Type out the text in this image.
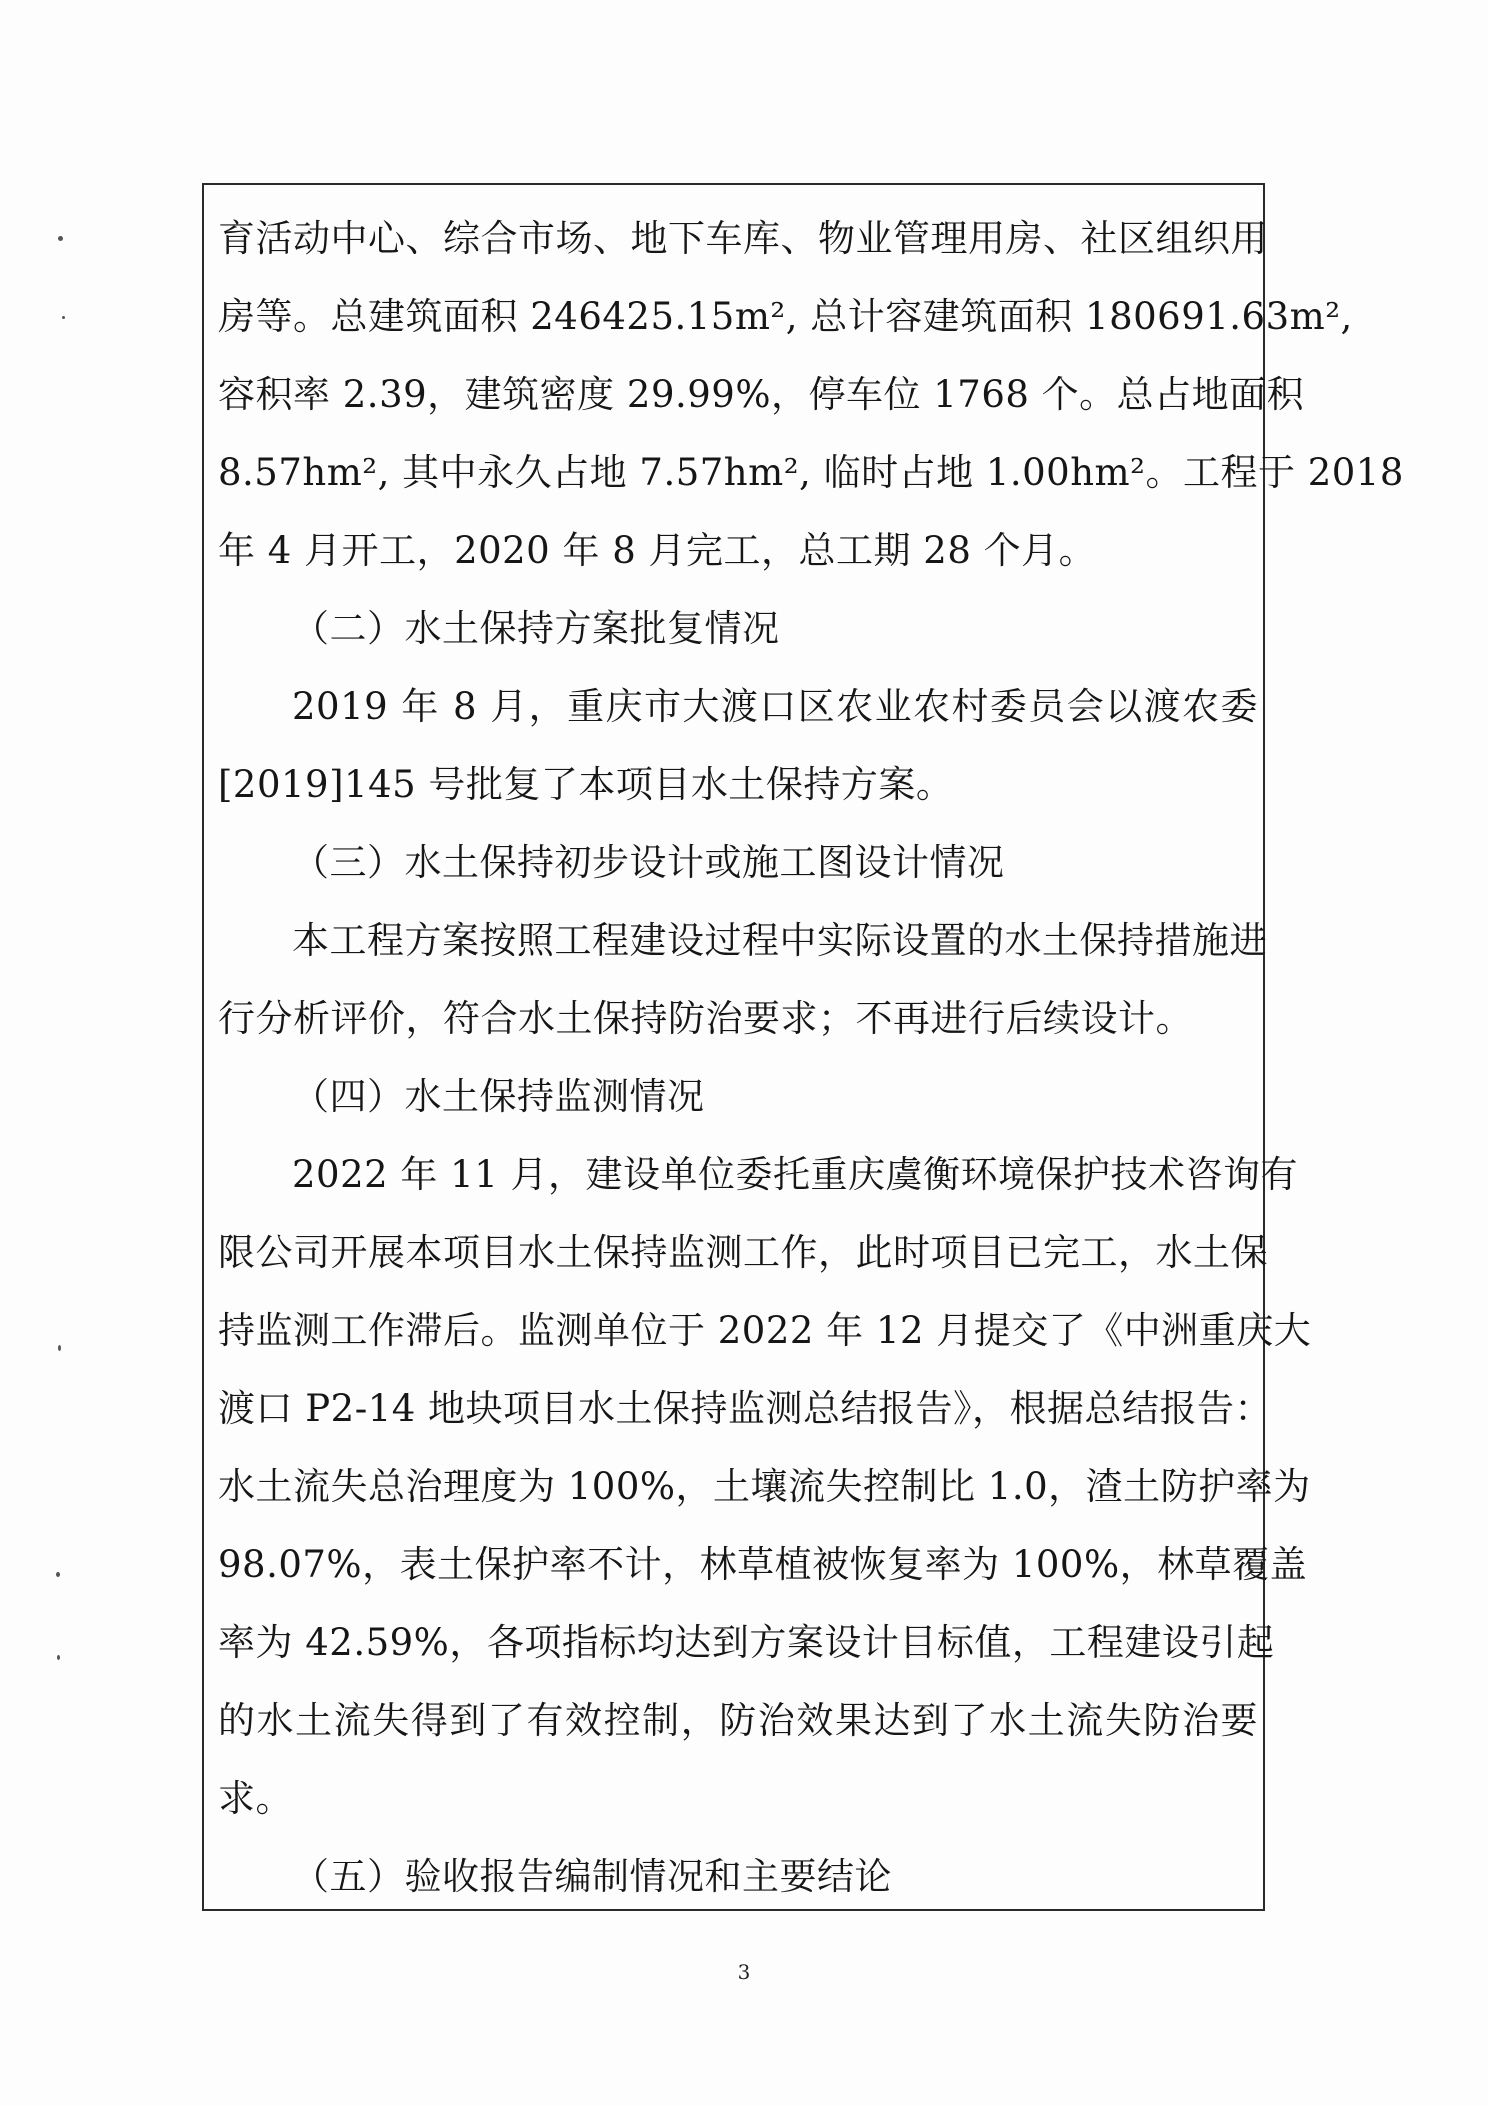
育活动中心、综合市场、地下车库、物业管理用房、社区组织用
房等。总建筑面积 246425.15m², 总计容建筑面积 180691.63m²,
容积率 2.39，建筑密度 29.99%，停车位 1768 个。总占地面积
8.57hm², 其中永久占地 7.57hm², 临时占地 1.00hm²。工程于 2018
年 4 月开工，2020 年 8 月完工，总工期 28 个月。
（二）水土保持方案批复情况
2019 年 8 月，重庆市大渡口区农业农村委员会以渡农委
[2019]145 号批复了本项目水土保持方案。
（三）水土保持初步设计或施工图设计情况
本工程方案按照工程建设过程中实际设置的水土保持措施进
行分析评价，符合水土保持防治要求；不再进行后续设计。
（四）水土保持监测情况
2022 年 11 月，建设单位委托重庆虞衡环境保护技术咨询有
限公司开展本项目水土保持监测工作，此时项目已完工，水土保
持监测工作滞后。监测单位于 2022 年 12 月提交了《中洲重庆大
渡口 P2-14 地块项目水土保持监测总结报告》，根据总结报告：
水土流失总治理度为 100%，土壤流失控制比 1.0，渣土防护率为
98.07%，表土保护率不计，林草植被恢复率为 100%，林草覆盖
率为 42.59%，各项指标均达到方案设计目标值，工程建设引起
的水土流失得到了有效控制，防治效果达到了水土流失防治要
求。
（五）验收报告编制情况和主要结论
3
